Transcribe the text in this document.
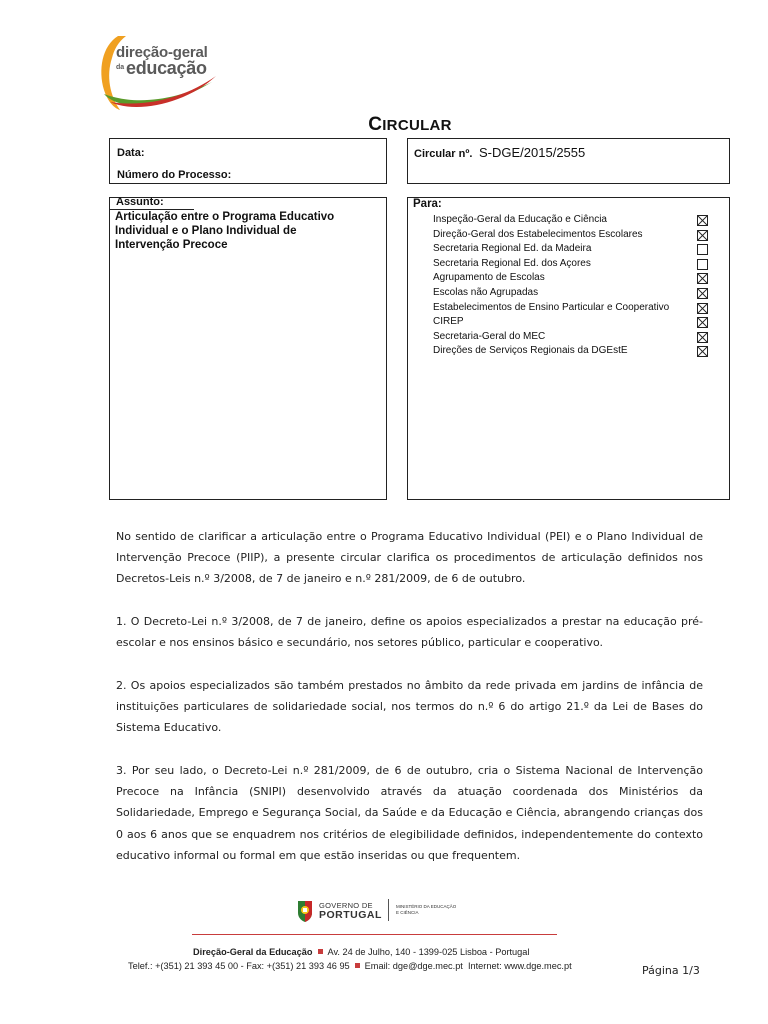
direção-geral
da educação
CIRCULAR
Data:
Número do Processo:
Circular nº. S-DGE/2015/2555
Assunto:
Articulação entre o Programa Educativo
Individual e o Plano Individual de
Intervenção Precoce
Para:
Inspeção-Geral da Educação e Ciência
Direção-Geral dos Estabelecimentos Escolares
Secretaria Regional Ed. da Madeira
Secretaria Regional Ed. dos Açores
Agrupamento de Escolas
Escolas não Agrupadas
Estabelecimentos de Ensino Particular e Cooperativo
CIREP
Secretaria-Geral do MEC
Direções de Serviços Regionais da DGEstE
No sentido de clarificar a articulação entre o Programa Educativo Individual (PEI) e o Plano Individual de Intervenção Precoce (PIIP), a presente circular clarifica os procedimentos de articulação definidos nos Decretos-Leis n.º 3/2008, de 7 de janeiro e n.º 281/2009, de 6 de outubro.
1. O Decreto-Lei n.º 3/2008, de 7 de janeiro, define os apoios especializados a prestar na educação pré-escolar e nos ensinos básico e secundário, nos setores público, particular e cooperativo.
2. Os apoios especializados são também prestados no âmbito da rede privada em jardins de infância de instituições particulares de solidariedade social, nos termos do n.º 6 do artigo 21.º da Lei de Bases do Sistema Educativo.
3. Por seu lado, o Decreto-Lei n.º 281/2009, de 6 de outubro, cria o Sistema Nacional de Intervenção Precoce na Infância (SNIPI) desenvolvido através da atuação coordenada dos Ministérios da Solidariedade, Emprego e Segurança Social, da Saúde e da Educação e Ciência, abrangendo crianças dos 0 aos 6 anos que se enquadrem nos critérios de elegibilidade definidos, independentemente do contexto educativo informal ou formal em que estão inseridas ou que frequentem.
GOVERNO DE
PORTUGAL
MINISTÉRIO DA EDUCAÇÃO
E CIÊNCIA
Direção-Geral da Educação Av. 24 de Julho, 140 - 1399-025 Lisboa - Portugal
Telef.: +(351) 21 393 45 00 - Fax: +(351) 21 393 46 95 Email: dge@dge.mec.pt Internet: www.dge.mec.pt	Página 1/3
